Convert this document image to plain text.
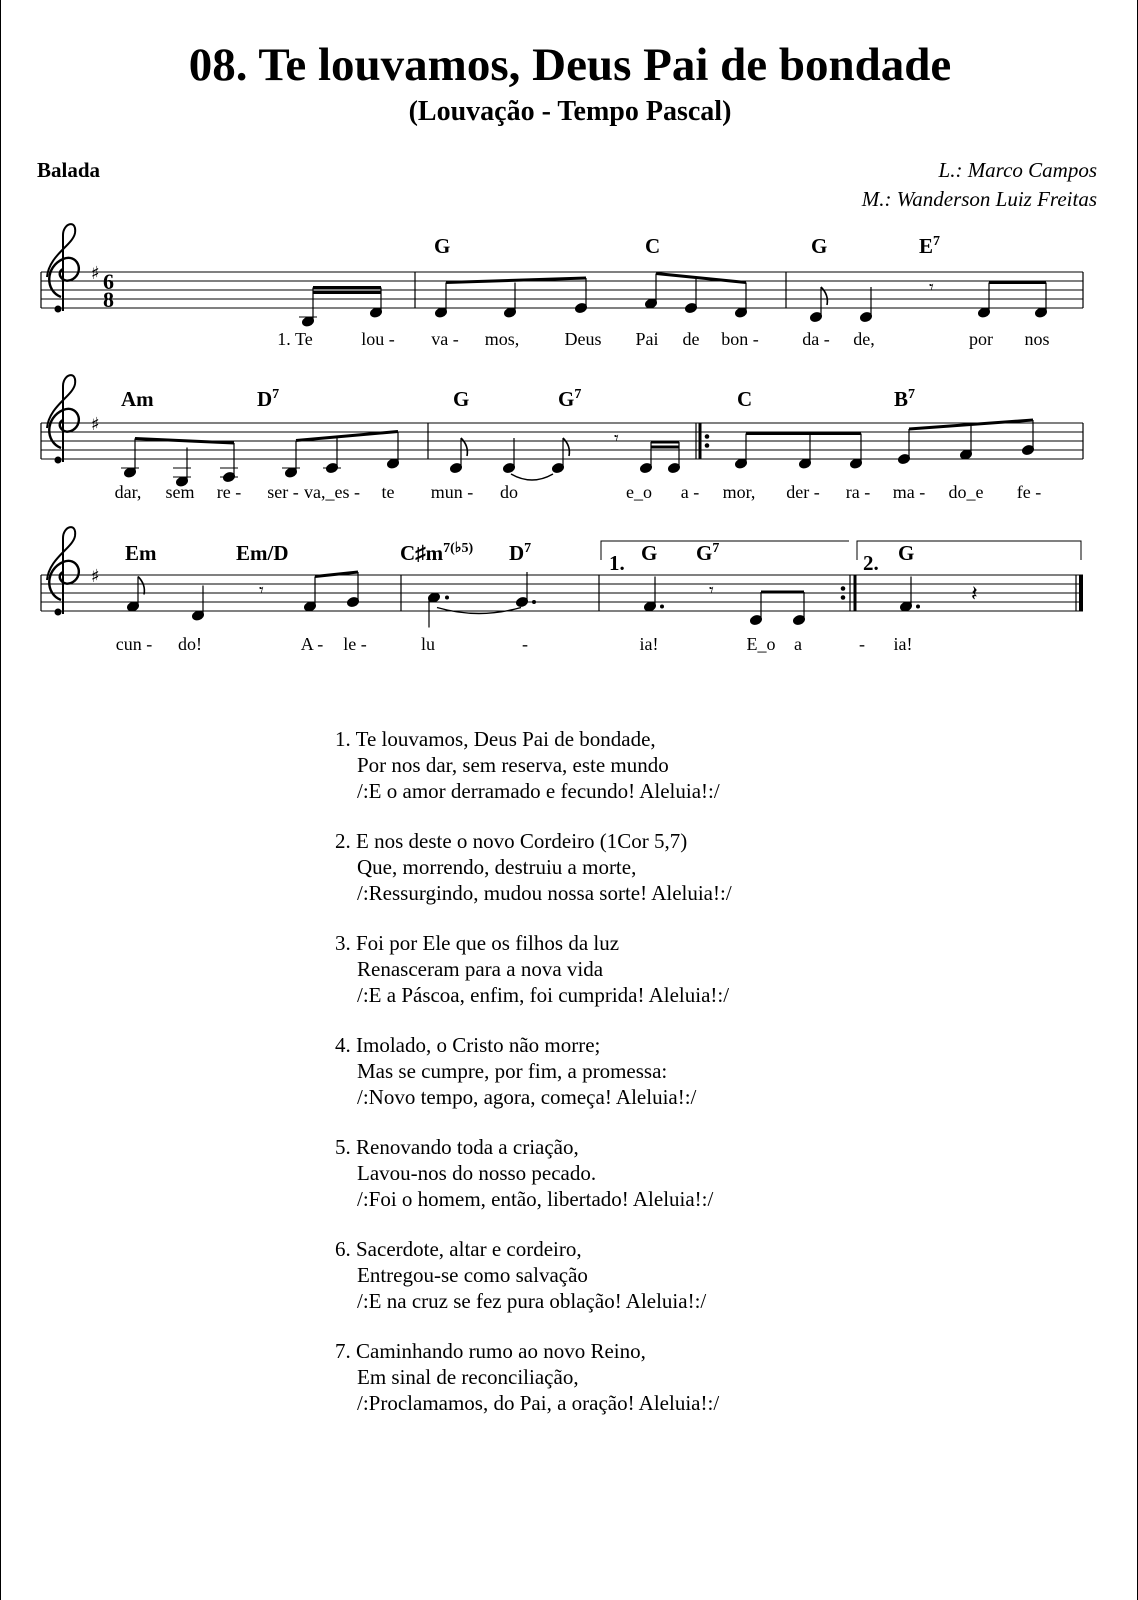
08. Te louvamos, Deus Pai de bondade
(Louvação - Tempo Pascal)
Balada	L.: Marco Campos
M.: Wanderson Luiz Freitas
♯
♯
♯
𝄾
𝄾
𝄾	𝄾	𝄽
1.	2.
6
8
G	C	G	$E^7$
Am	$D^7$	G	$G^7$	C	$B^7$
Em	Em/D	$C♯m^{7(♭5)}$ $D^7$	G $G^7$	G
1. Te	lou - va - mos,	Deus Pai de bon - da - de,	por nos
dar, sem re - ser - va,_es - te mun - do	e_o a - mor, der - ra - ma - do_e fe -
cun - do!	A - le -	lu	-	ia!	E_o a	- ia!
1. Te louvamos, Deus Pai de bondade,
Por nos dar, sem reserva, este mundo
/:E o amor derramado e fecundo! Aleluia!:/
2. E nos deste o novo Cordeiro (1Cor 5,7)
Que, morrendo, destruiu a morte,
/:Ressurgindo, mudou nossa sorte! Aleluia!:/
3. Foi por Ele que os filhos da luz
Renasceram para a nova vida
/:E a Páscoa, enfim, foi cumprida! Aleluia!:/
4. Imolado, o Cristo não morre;
Mas se cumpre, por fim, a promessa:
/:Novo tempo, agora, começa! Aleluia!:/
5. Renovando toda a criação,
Lavou-nos do nosso pecado.
/:Foi o homem, então, libertado! Aleluia!:/
6. Sacerdote, altar e cordeiro,
Entregou-se como salvação
/:E na cruz se fez pura oblação! Aleluia!:/
7. Caminhando rumo ao novo Reino,
Em sinal de reconciliação,
/:Proclamamos, do Pai, a oração! Aleluia!:/
